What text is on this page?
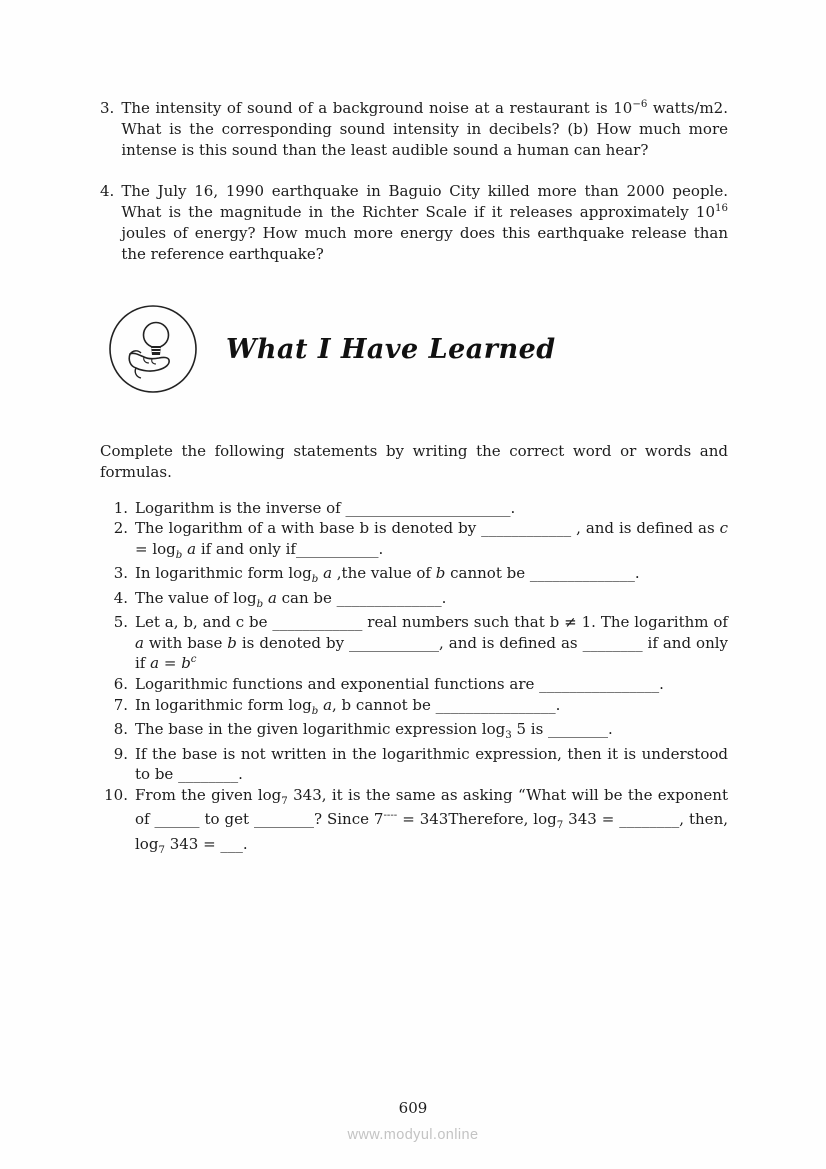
3. The intensity of sound of a background noise at a restaurant is $10^{-6}$ watts/m2. What is the corresponding sound intensity in decibels? (b) How much more intense is this sound than the least audible sound a human can hear?
4. The July 16, 1990 earthquake in Baguio City killed more than 2000 people. What is the magnitude in the Richter Scale if it releases approximately $10^{16}$ joules of energy? How much more energy does this earthquake release than the reference earthquake?
What I Have Learned

Complete the following statements by writing the correct word or words and formulas.

1. Logarithm is the inverse of ______________________.
2. The logarithm of a with base b is denoted by ____________ , and is defined as $c = \log_b a$ if and only if___________.
3. In logarithmic form $\log_b a$ ,the value of b cannot be ______________.
4. The value of $\log_b a$ can be ______________.
5. Let a, b, and c be ____________ real numbers such that b ≠ 1. The logarithm of a with base b is denoted by ____________, and is defined as ________ if and only if $a = b^c$
6. Logarithmic functions and exponential functions are ________________.
7. In logarithmic form $\log_b a$, b cannot be ________________.
8. The base in the given logarithmic expression $\log_3 5$ is ________.
9. If the base is not written in the logarithmic expression, then it is understood to be ________.
10. From the given $\log_7 343$, it is the same as asking “What will be the exponent of ______ to get ________? Since 7---- = 343Therefore, $\log_7 343$ = ________, then, $\log_7 343$ = ___.
609
www.modyul.online
